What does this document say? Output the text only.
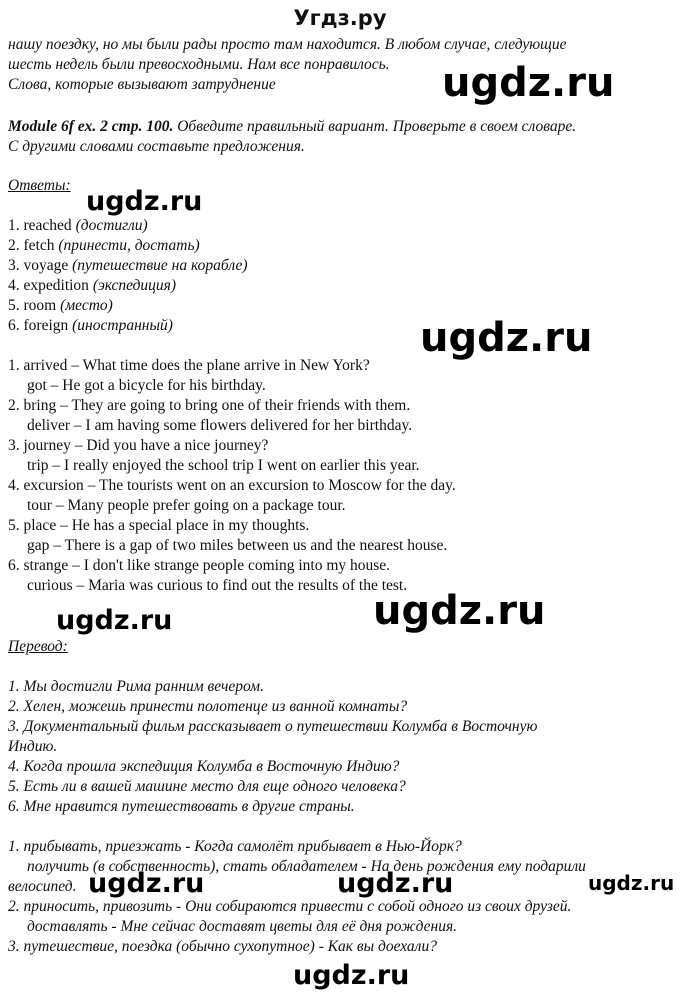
Угдз.ру
нашу поездку, но мы были рады просто там находится. В любом случае, следующие
шесть недель были превосходными. Нам все понравилось.
Слова, которые вызывают затруднение
Module 6f ex. 2 стр. 100. Обведите правильный вариант. Проверьте в своем словаре.
С другими словами составьте предложения.
Ответы:
1. reached (достигли)
2. fetch (принести, достать)
3. voyage (путешествие на корабле)
4. expedition (экспедиция)
5. room (место)
6. foreign (иностранный)
1. arrived – What time does the plane arrive in New York?
got – He got a bicycle for his birthday.
2. bring – They are going to bring one of their friends with them.
deliver – I am having some flowers delivered for her birthday.
3. journey – Did you have a nice journey?
trip – I really enjoyed the school trip I went on earlier this year.
4. excursion – The tourists went on an excursion to Moscow for the day.
tour – Many people prefer going on a package tour.
5. place – He has a special place in my thoughts.
gap – There is a gap of two miles between us and the nearest house.
6. strange – I don't like strange people coming into my house.
curious – Maria was curious to find out the results of the test.
Перевод:
1. Мы достигли Рима ранним вечером.
2. Хелен, можешь принести полотенце из ванной комнаты?
3. Документальный фильм рассказывает о путешествии Колумба в Восточную
Индию.
4. Когда прошла экспедиция Колумба в Восточную Индию?
5. Есть ли в вашей машине место для еще одного человека?
6. Мне нравится путешествовать в другие страны.
1. прибывать, приезжать - Когда самолёт прибывает в Нью-Йорк?
получить (в собственность), стать обладателем - На день рождения ему подарили
велосипед.
2. приносить, привозить - Они собираются привести с собой одного из своих друзей.
доставлять - Мне сейчас доставят цветы для её дня рождения.
3. путешествие, поездка (обычно сухопутное) - Как вы доехали?
ugdz.ru
ugdz.ru
ugdz.ru
ugdz.ru
ugdz.ru
ugdz.ru	ugdz.ru	ugdz.ru
ugdz.ru
